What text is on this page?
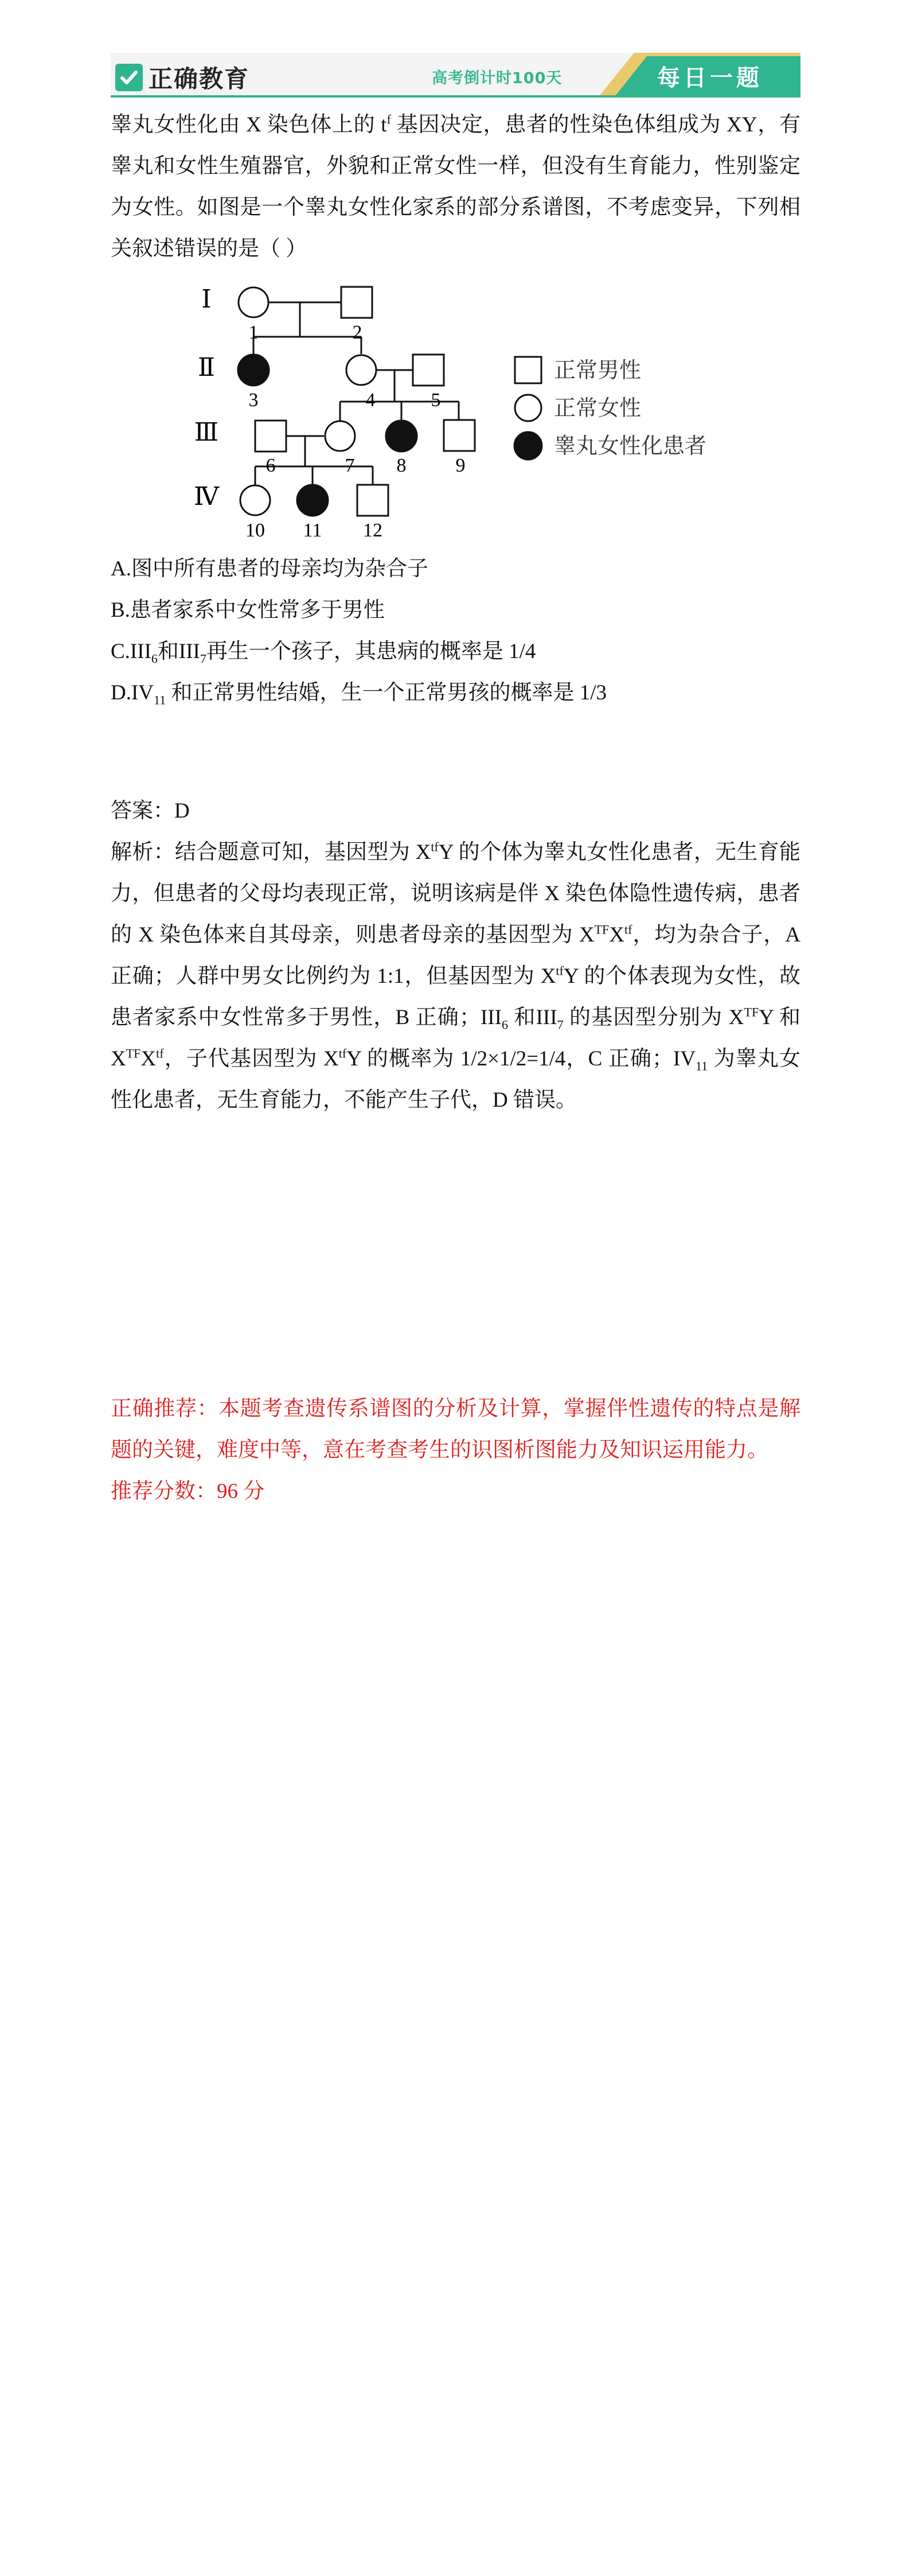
正确教育	高考倒计时100天	每日一题

睾丸女性化由 X 染色体上的 $t^f$ 基因决定，患者的性染色体组成为 XY，有睾丸和女性生殖器官，外貌和正常女性一样，但没有生育能力，性别鉴定为女性。如图是一个睾丸女性化家系的部分系谱图，不考虑变异，下列相关叙述错误的是（ ）

Ⅰ
Ⅱ
Ⅲ
Ⅳ
1	2
3	4	5
6	7 8	9
10 11 12
正常男性
正常女性
睾丸女性化患者

A.图中所有患者的母亲均为杂合子

B.患者家系中女性常多于男性

$C.III_6$和$III_7$再生一个孩子，其患病的概率是 1/4

$D.IV_{11}$ 和正常男性结婚，生一个正常男孩的概率是 1/3

答案：D

解析：结合题意可知，基因型为 $X^{tf}Y$ 的个体为睾丸女性化患者，无生育能力，但患者的父母均表现正常，说明该病是伴 X 染色体隐性遗传病，患者的 X 染色体来自其母亲，则患者母亲的基因型为 $X^{TF}X^{tf}$，均为杂合子，A 正确；人群中男女比例约为 1:1，但基因型为 $X^{tf}Y$ 的个体表现为女性，故患者家系中女性常多于男性，B 正确；$III_6$ 和$III_7$ 的基因型分别为 $X^{TF}Y$ 和 $X^{TF}X^{tf}$，子代基因型为 $X^{tf}Y$ 的概率为 1/2×1/2=1/4，C 正确；$IV_{11}$ 为睾丸女性化患者，无生育能力，不能产生子代，D 错误。

正确推荐：本题考查遗传系谱图的分析及计算，掌握伴性遗传的特点是解题的关键，难度中等，意在考查考生的识图析图能力及知识运用能力。

推荐分数：96 分
